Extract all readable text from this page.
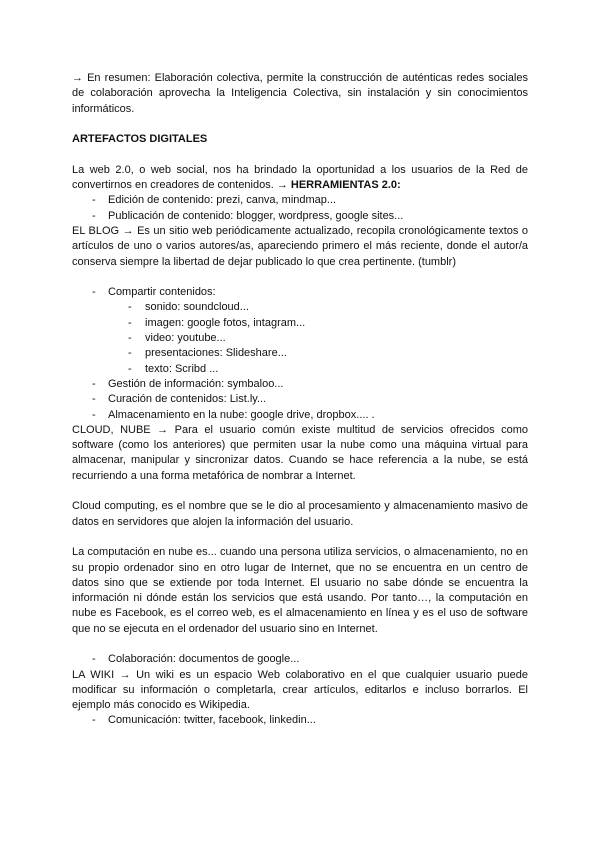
→ En resumen: Elaboración colectiva, permite la construcción de auténticas redes sociales de colaboración aprovecha la Inteligencia Colectiva, sin instalación y sin conocimientos informáticos.

ARTEFACTOS DIGITALES

La web 2.0, o web social, nos ha brindado la oportunidad a los usuarios de la Red de convertirnos en creadores de contenidos. → HERRAMIENTAS 2.0:

- Edición de contenido: prezi, canva, mindmap...
- Publicación de contenido: blogger, wordpress, google sites...

EL BLOG → Es un sitio web periódicamente actualizado, recopila cronológicamente textos o artículos de uno o varios autores/as, apareciendo primero el más reciente, donde el autor/a conserva siempre la libertad de dejar publicado lo que crea pertinente. (tumblr)

- Compartir contenidos:
- sonido: soundcloud...
- imagen: google fotos, intagram...
- video: youtube...
- presentaciones: Slideshare...
- texto: Scribd ...
- Gestión de información: symbaloo...
- Curación de contenidos: List.ly...
- Almacenamiento en la nube: google drive, dropbox.... .

CLOUD, NUBE → Para el usuario común existe multitud de servicios ofrecidos como software (como los anteriores) que permiten usar la nube como una máquina virtual para almacenar, manipular y sincronizar datos. Cuando se hace referencia a la nube, se está recurriendo a una forma metafórica de nombrar a Internet.

Cloud computing, es el nombre que se le dio al procesamiento y almacenamiento masivo de datos en servidores que alojen la información del usuario.

La computación en nube es... cuando una persona utiliza servicios, o almacenamiento, no en su propio ordenador sino en otro lugar de Internet, que no se encuentra en un centro de datos sino que se extiende por toda Internet. El usuario no sabe dónde se encuentra la información ni dónde están los servicios que está usando. Por tanto…, la computación en nube es Facebook, es el correo web, es el almacenamiento en línea y es el uso de software que no se ejecuta en el ordenador del usuario sino en Internet.

- Colaboración: documentos de google...

LA WIKI → Un wiki es un espacio Web colaborativo en el que cualquier usuario puede modificar su información o completarla, crear artículos, editarlos e incluso borrarlos. El ejemplo más conocido es Wikipedia.

- Comunicación: twitter, facebook, linkedin...
